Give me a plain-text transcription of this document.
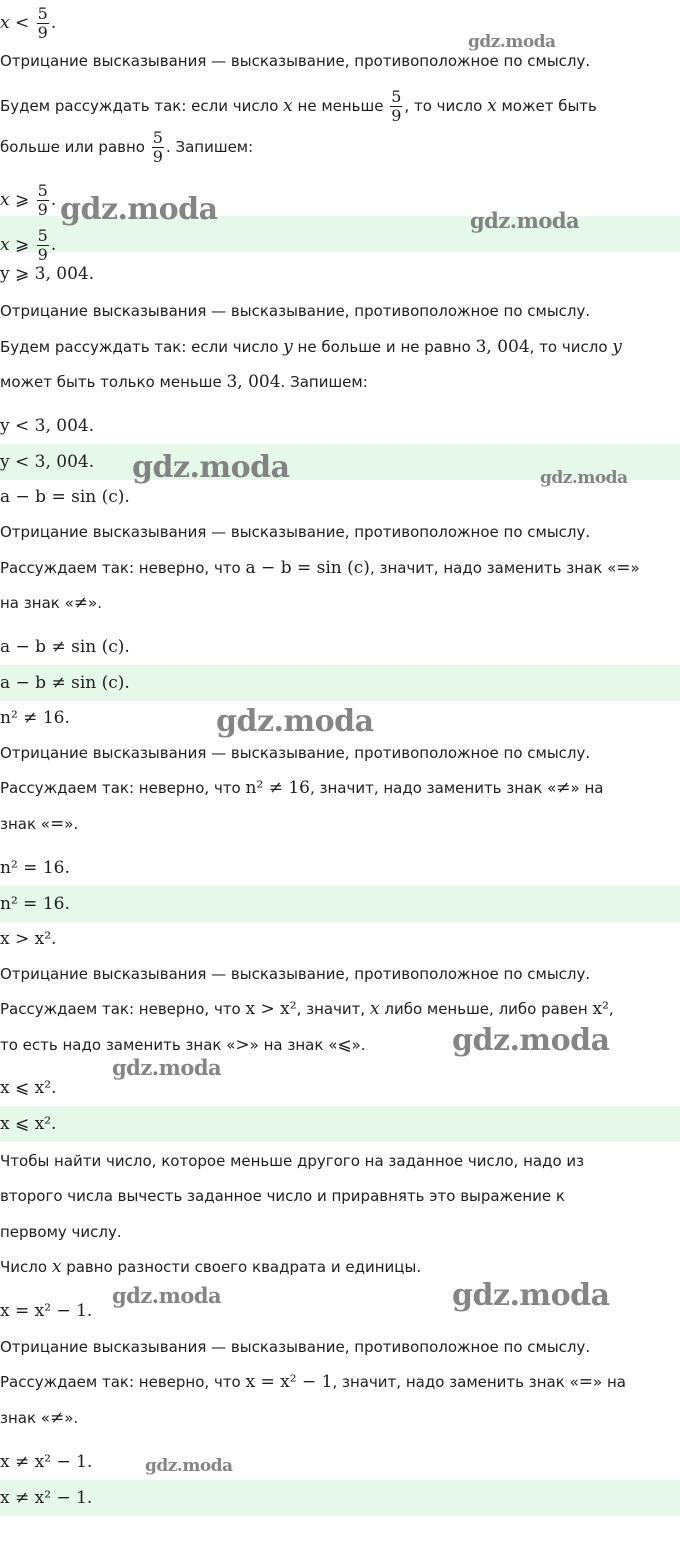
$x < \frac{5}{9}$ .
Отрицание высказывания — высказывание, противоположное по смыслу.
Будем рассуждать так: если число x не меньше $\frac{5}{9}$ , то число x может быть
больше или равно $\frac{5}{9}$ . Запишем:
x ⩾ $\frac{5}{9}$ .
x ⩾ $\frac{5}{9}$ .
y ⩾ 3, 004.
Отрицание высказывания — высказывание, противоположное по смыслу.
Будем рассуждать так: если число y не больше и не равно 3, 004, то число y
может быть только меньше 3, 004. Запишем:
y < 3, 004.
y < 3, 004.
a − b = sin (c).
Отрицание высказывания — высказывание, противоположное по смыслу.
Рассуждаем так: неверно, что a − b = sin (c), значит, надо заменить знак «=»
на знак «≠».
a − b ≠ sin (c).
a − b ≠ sin (c).
n² ≠ 16.
Отрицание высказывания — высказывание, противоположное по смыслу.
Рассуждаем так: неверно, что n² ≠ 16, значит, надо заменить знак «≠» на
знак «=».
n² = 16.
n² = 16.
x > x².
Отрицание высказывания — высказывание, противоположное по смыслу.
Рассуждаем так: неверно, что x > x², значит, x либо меньше, либо равен x²,
то есть надо заменить знак «>» на знак «⩽».
x ⩽ x².
x ⩽ x².
Чтобы найти число, которое меньше другого на заданное число, надо из
второго числа вычесть заданное число и приравнять это выражение к
первому числу.
Число x равно разности своего квадрата и единицы.
x = x² − 1.
Отрицание высказывания — высказывание, противоположное по смыслу.
Рассуждаем так: неверно, что x = x² − 1, значит, надо заменить знак «=» на
знак «≠».
x ≠ x² − 1.
x ≠ x² − 1.
gdz.moda
gdz.moda	gdz.moda
gdz.moda	gdz.moda
gdz.moda
gdz.moda
gdz.moda
gdz.moda	gdz.moda
gdz.moda
